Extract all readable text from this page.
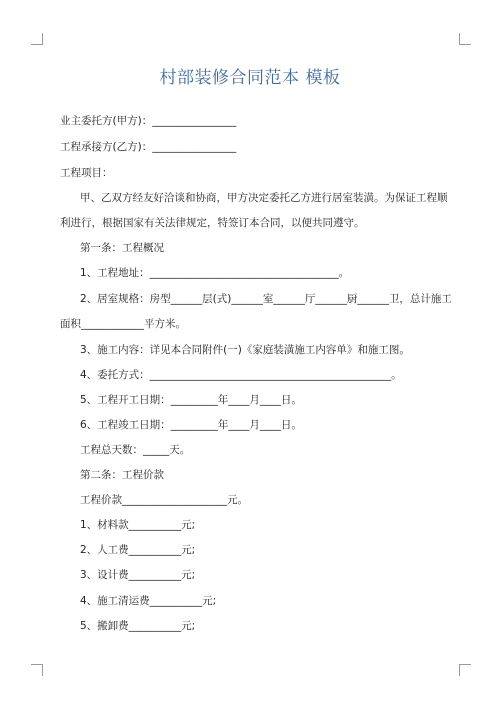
村部装修合同范本 模板
业主委托方(甲方)：________________
工程承接方(乙方)：________________
工程项目：
甲、乙双方经友好洽谈和协商，甲方决定委托乙方进行居室装潢。为保证工程顺
利进行，根据国家有关法律规定，特签订本合同，以便共同遵守。
第一条：工程概况
1、工程地址：____________________________________。
2、居室规格：房型______层(式)______室______厅______厨______卫，总计施工
面积____________平方米。
3、施工内容：详见本合同附件(一)《家庭装潢施工内容单》和施工图。
4、委托方式：______________________________________________。
5、工程开工日期：_________年____月____日。
6、工程竣工日期：_________年____月____日。
工程总天数：_____天。
第二条：工程价款
工程价款____________________元。
1、材料款__________元;
2、人工费__________元;
3、设计费__________元;
4、施工清运费__________元;
5、搬卸费__________元;
